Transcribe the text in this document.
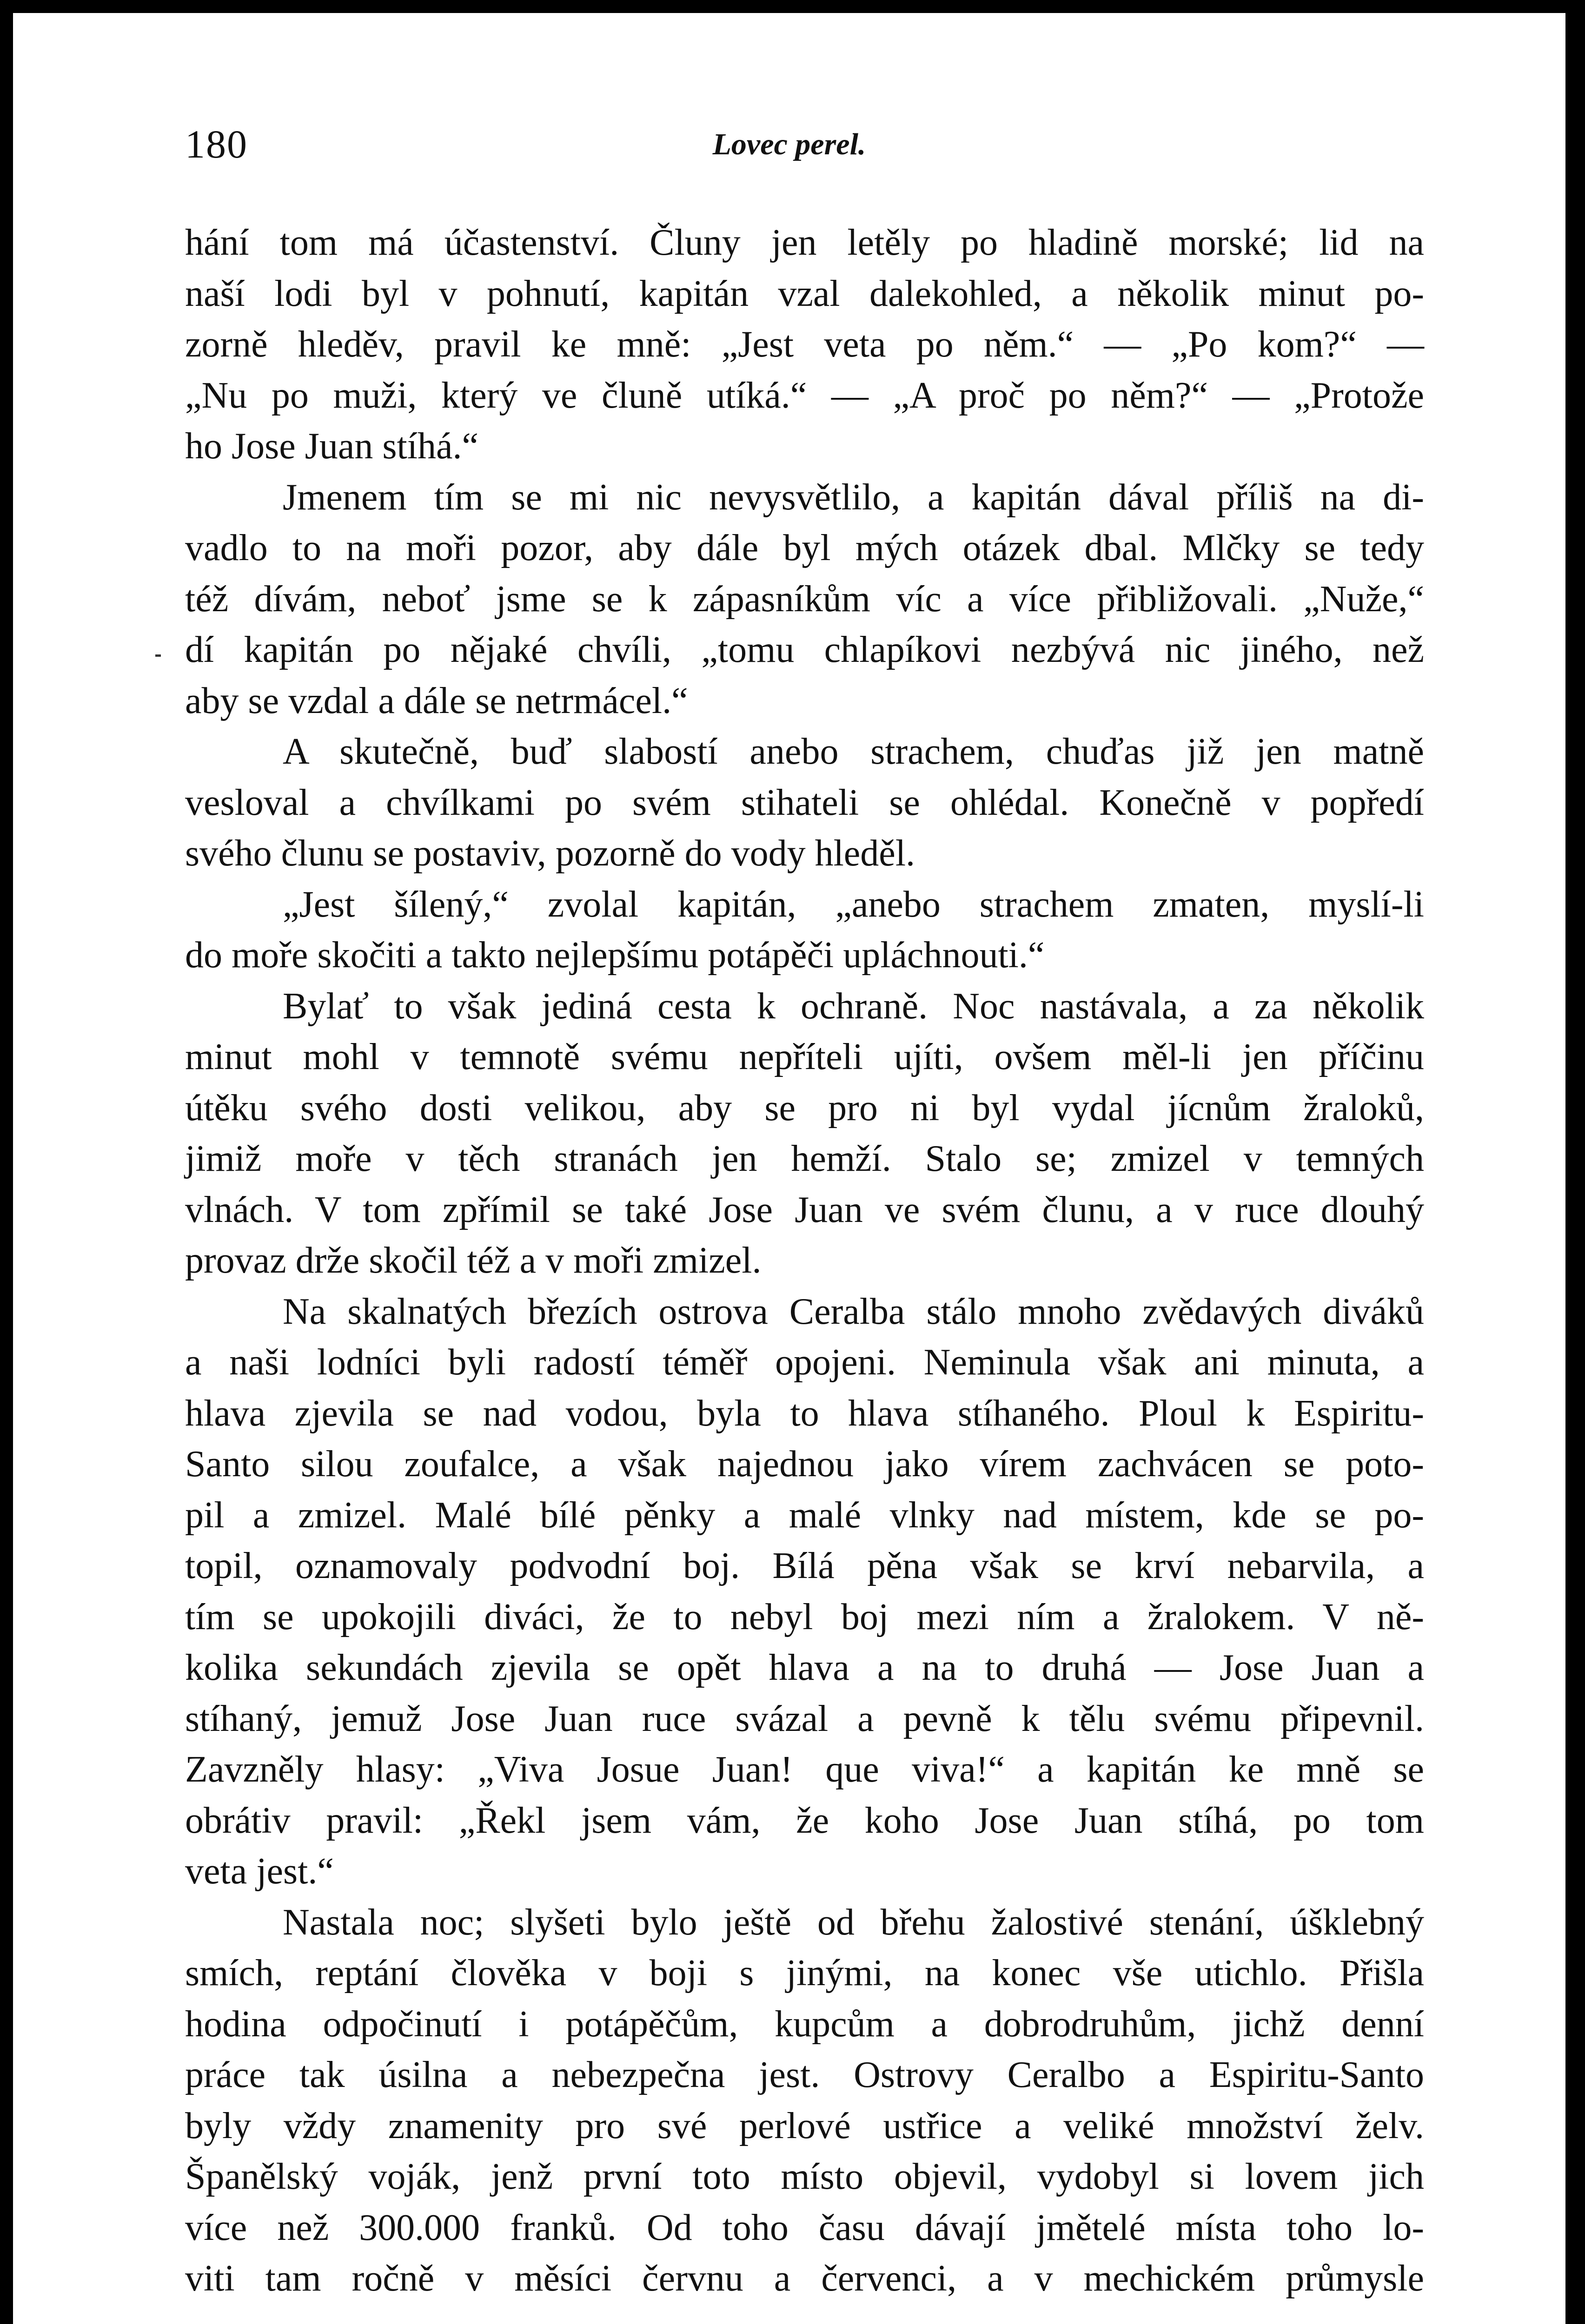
180	Lovec perel.
hání tom má účastenství. Čluny jen letěly po hladině morské; lid na
naší lodi byl v pohnutí, kapitán vzal dalekohled, a několik minut po-
zorně hleděv, pravil ke mně: „Jest veta po něm.“ — „Po kom?“ —
„Nu po muži, který ve čluně utíká.“ — „A proč po něm?“ — „Protože
ho Jose Juan stíhá.“
Jmenem tím se mi nic nevysvětlilo, a kapitán dával příliš na di-
vadlo to na moři pozor, aby dále byl mých otázek dbal. Mlčky se tedy
též dívám, neboť jsme se k zápasníkům víc a více přibližovali. „Nuže,“
dí kapitán po nějaké chvíli, „tomu chlapíkovi nezbývá nic jiného, než
aby se vzdal a dále se netrmácel.“
A skutečně, buď slabostí anebo strachem, chuďas již jen matně
vesloval a chvílkami po svém stihateli se ohlédal. Konečně v popředí
svého člunu se postaviv, pozorně do vody hleděl.
„Jest šílený,“ zvolal kapitán, „anebo strachem zmaten, myslí-li
do moře skočiti a takto nejlepšímu potápěči upláchnouti.“
Bylať to však jediná cesta k ochraně. Noc nastávala, a za několik
minut mohl v temnotě svému nepříteli ujíti, ovšem měl-li jen příčinu
útěku svého dosti velikou, aby se pro ni byl vydal jícnům žraloků,
jimiž moře v těch stranách jen hemží. Stalo se; zmizel v temných
vlnách. V tom zpřímil se také Jose Juan ve svém člunu, a v ruce dlouhý
provaz drže skočil též a v moři zmizel.
Na skalnatých březích ostrova Ceralba stálo mnoho zvědavých diváků
a naši lodníci byli radostí téměř opojeni. Neminula však ani minuta, a
hlava zjevila se nad vodou, byla to hlava stíhaného. Ploul k Espiritu-
Santo silou zoufalce, a však najednou jako vírem zachvácen se poto-
pil a zmizel. Malé bílé pěnky a malé vlnky nad místem, kde se po-
topil, oznamovaly podvodní boj. Bílá pěna však se krví nebarvila, a
tím se upokojili diváci, že to nebyl boj mezi ním a žralokem. V ně-
kolika sekundách zjevila se opět hlava a na to druhá — Jose Juan a
stíhaný, jemuž Jose Juan ruce svázal a pevně k tělu svému připevnil.
Zavzněly hlasy: „Viva Josue Juan! que viva!“ a kapitán ke mně se
obrátiv pravil: „Řekl jsem vám, že koho Jose Juan stíhá, po tom
veta jest.“
Nastala noc; slyšeti bylo ještě od břehu žalostivé stenání, úšklebný
smích, reptání člověka v boji s jinými, na konec vše utichlo. Přišla
hodina odpočinutí i potápěčům, kupcům a dobrodruhům, jichž denní
práce tak úsilna a nebezpečna jest. Ostrovy Ceralbo a Espiritu-Santo
byly vždy znamenity pro své perlové ustřice a veliké množství želv.
Španělský voják, jenž první toto místo objevil, vydobyl si lovem jich
více než 300.000 franků. Od toho času dávají jmětelé místa toho lo-
viti tam ročně v měsíci červnu a červenci, a v mechickém průmysle
